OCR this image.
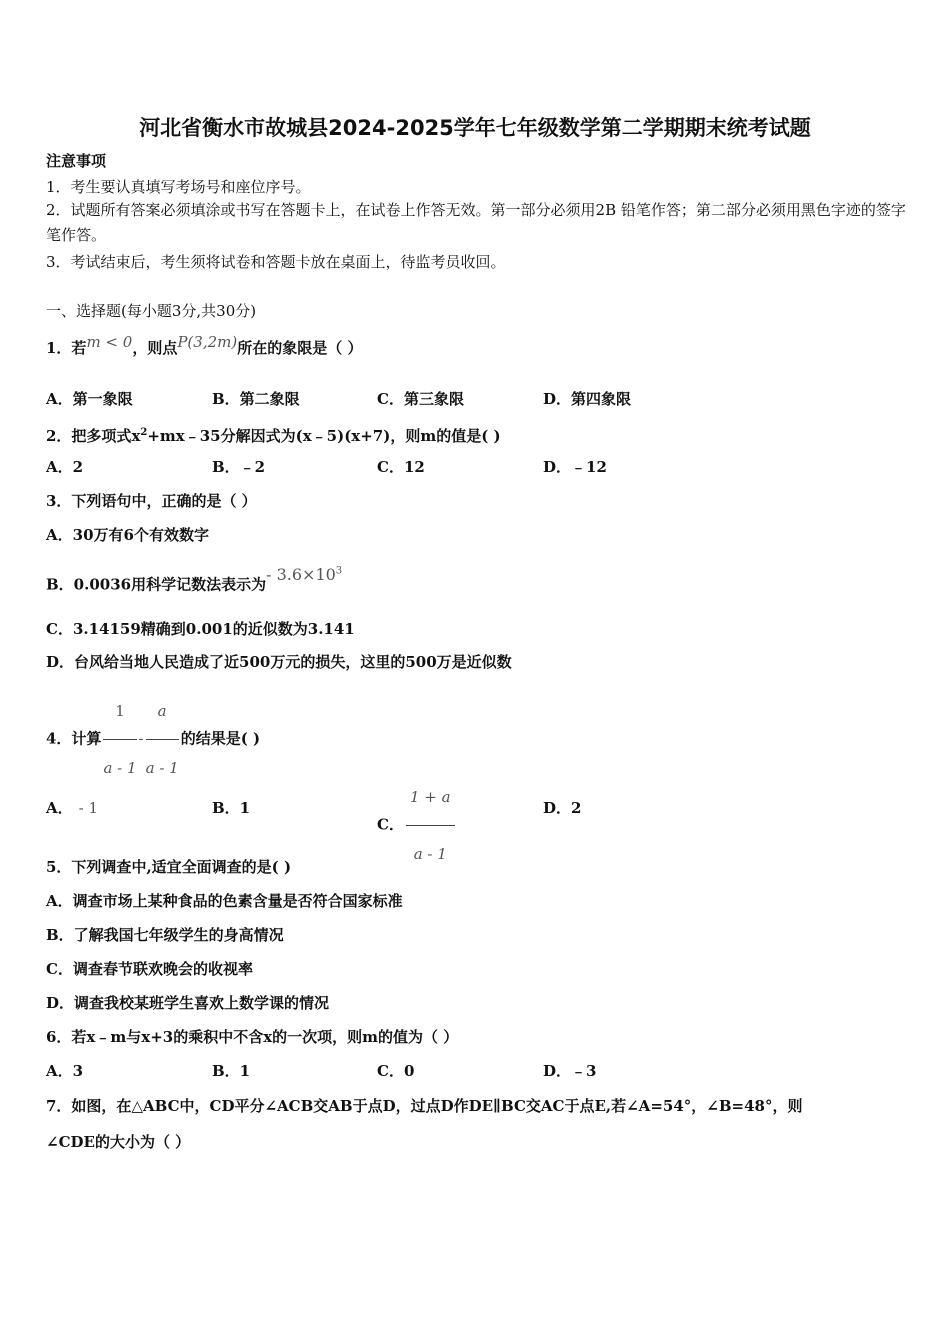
河北省衡水市故城县2024-2025学年七年级数学第二学期期末统考试题
注意事项
1．考生要认真填写考场号和座位序号。
2．试题所有答案必须填涂或书写在答题卡上，在试卷上作答无效。第一部分必须用2B 铅笔作答；第二部分必须用黑色字迹的签字笔作答。
3．考试结束后，考生须将试卷和答题卡放在桌面上，待监考员收回。
一、选择题(每小题3分,共30分)
1．若m < 0，则点P(3,2m)所在的象限是（ ）
A．第一象限	B．第二象限	C．第三象限	D．第四象限
2．把多项式$x^2+mx﹣35$分解因式为(x﹣5)(x+7)，则m的值是( )
A．2	B．﹣2	C．12	D．﹣12
3．下列语句中，正确的是（ ）
A．30万有6个有效数字
B．0.0036用科学记数法表示为- $3.6\times 10^3$
C．3.14159精确到0.001的近似数为3.141
D．台风给当地人民造成了近500万元的损失，这里的500万是近似数
4．计算 $\frac{1}{a - 1} - \frac{a}{a - 1}$ 的结果是( )
A． - 1	B．1
C． $\frac{1 + a}{a - 1}$	D．2
5．下列调查中,适宜全面调查的是( )
A．调查市场上某种食品的色素含量是否符合国家标准
B．了解我国七年级学生的身高情况
C．调查春节联欢晚会的收视率
D．调查我校某班学生喜欢上数学课的情况
6．若x﹣m与x+3的乘积中不含x的一次项，则m的值为（ ）
A．3	B．1	C．0	D．﹣3
7．如图，在△ABC中，CD平分∠ACB交AB于点D，过点D作DE∥BC交AC于点E,若∠A=54°，∠B=48°，则
∠CDE的大小为（ ）
